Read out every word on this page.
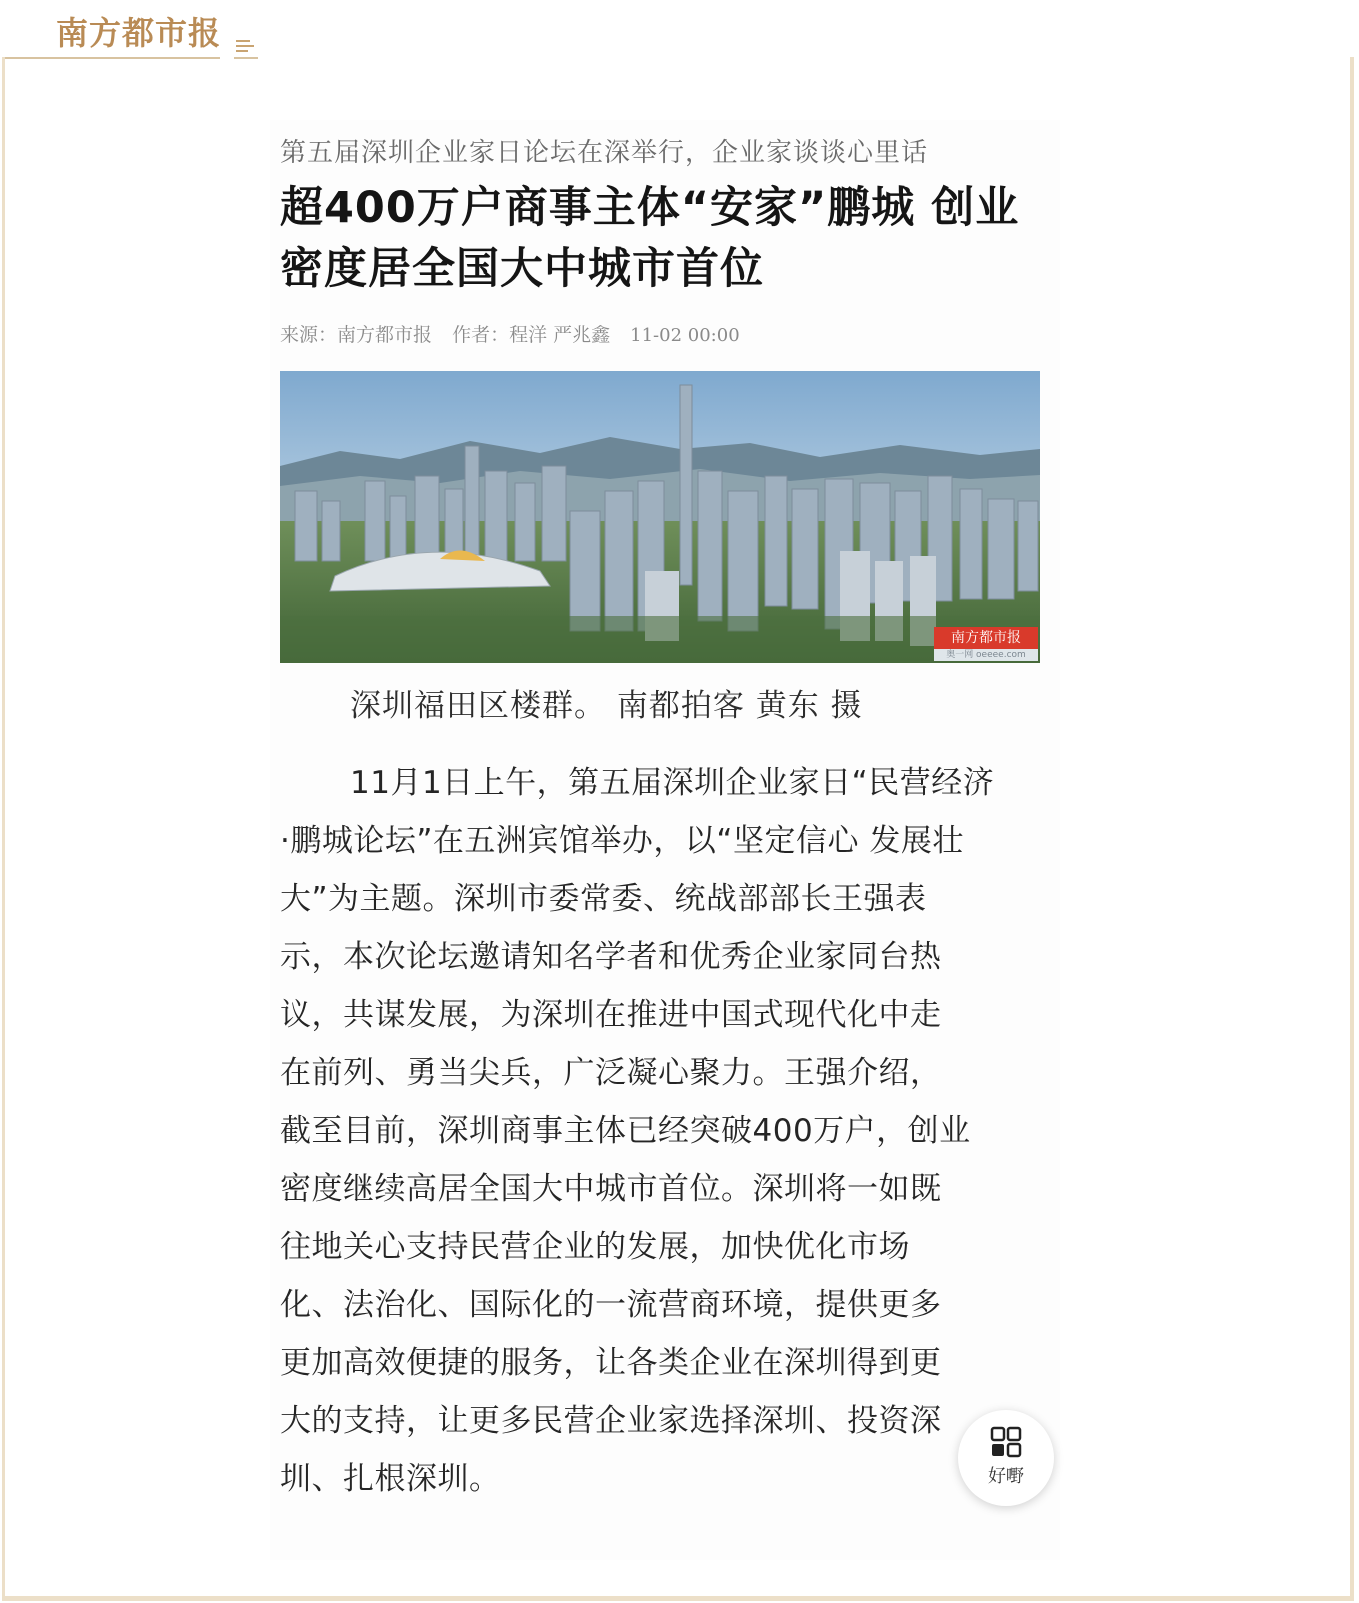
南方都市报
第五届深圳企业家日论坛在深举行，企业家谈谈心里话
超400万户商事主体“安家”鹏城 创业
密度居全国大中城市首位
来源：南方都市报 作者：程洋 严兆鑫 11-02 00:00
南方都市报
奥一网 oeeee.com
深圳福田区楼群。 南都拍客 黄东 摄
11月1日上午，第五届深圳企业家日“民营经济
·鹏城论坛”在五洲宾馆举办，以“坚定信心 发展壮
大”为主题。深圳市委常委、统战部部长王强表
示，本次论坛邀请知名学者和优秀企业家同台热
议，共谋发展，为深圳在推进中国式现代化中走
在前列、勇当尖兵，广泛凝心聚力。王强介绍，
截至目前，深圳商事主体已经突破400万户，创业
密度继续高居全国大中城市首位。深圳将一如既
往地关心支持民营企业的发展，加快优化市场
化、法治化、国际化的一流营商环境，提供更多
更加高效便捷的服务，让各类企业在深圳得到更
大的支持，让更多民营企业家选择深圳、投资深
圳、扎根深圳。	好嘢
